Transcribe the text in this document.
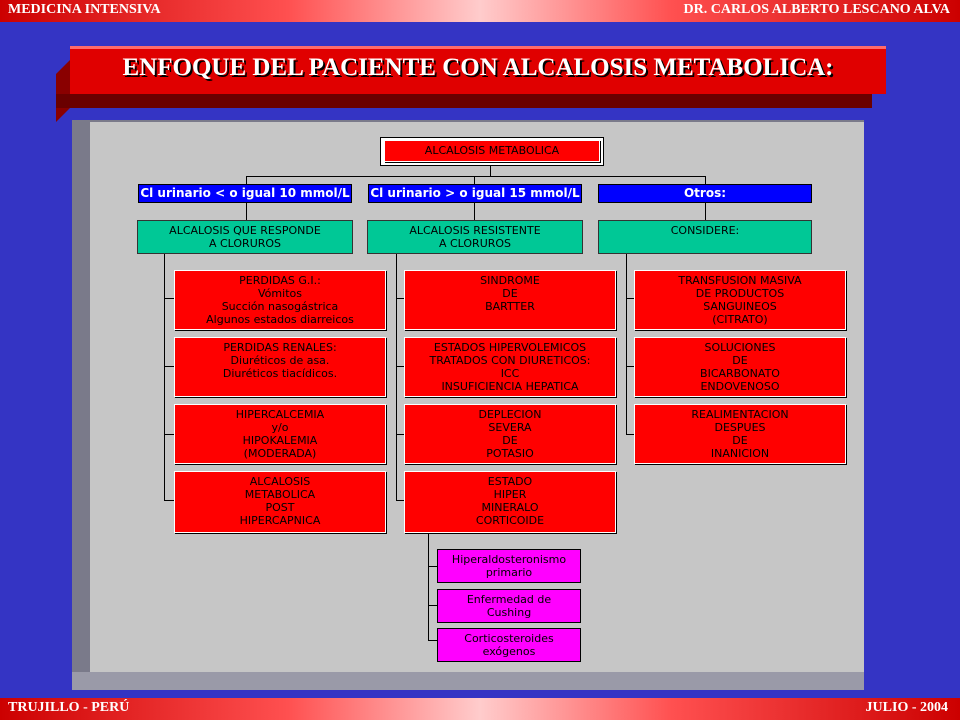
MEDICINA INTENSIVA	DR. CARLOS ALBERTO LESCANO ALVA
ENFOQUE DEL PACIENTE CON ALCALOSIS METABOLICA:
ALCALOSIS METABOLICA
Cl urinario < o igual 10 mmol/L Cl urinario > o igual 15 mmol/L	Otros:
ALCALOSIS QUE RESPONDE
A CLORUROS
ALCALOSIS RESISTENTE
A CLORUROS
CONSIDERE:
PERDIDAS G.I.:
Vómitos
Succión nasogástrica
Algunos estados diarreicos
PERDIDAS RENALES:
Diuréticos de asa.
Diuréticos tiacídicos.
HIPERCALCEMIA
y/o
HIPOKALEMIA
(MODERADA)
ALCALOSIS
METABOLICA
POST
HIPERCAPNICA
SINDROME
DE
BARTTER
ESTADOS HIPERVOLEMICOS
TRATADOS CON DIURETICOS:
ICC
INSUFICIENCIA HEPATICA
DEPLECION
SEVERA
DE
POTASIO
ESTADO
HIPER
MINERALO
CORTICOIDE
TRANSFUSION MASIVA
DE PRODUCTOS
SANGUINEOS
(CITRATO)
SOLUCIONES
DE
BICARBONATO
ENDOVENOSO
REALIMENTACION
DESPUES
DE
INANICION
Hiperaldosteronismo
primario
Enfermedad de
Cushing
Corticosteroides
exógenos
TRUJILLO - PERÚ	JULIO - 2004
